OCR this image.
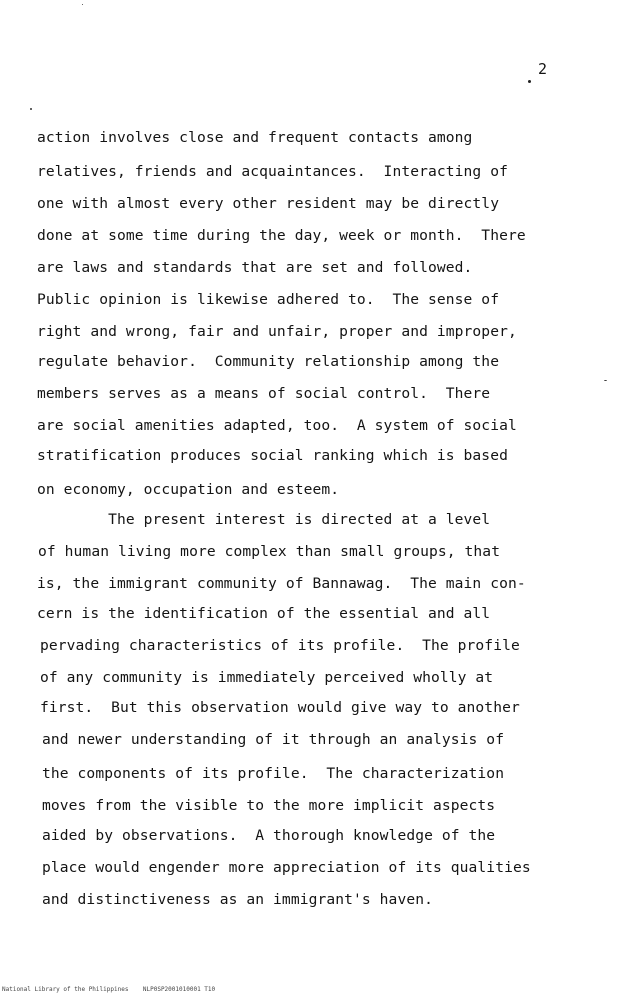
2
action involves close and frequent contacts among
relatives, friends and acquaintances.  Interacting of
one with almost every other resident may be directly
done at some time during the day, week or month.  There
are laws and standards that are set and followed.
Public opinion is likewise adhered to.  The sense of
right and wrong, fair and unfair, proper and improper,
regulate behavior.  Community relationship among the
members serves as a means of social control.  There
are social amenities adapted, too.  A system of social
stratification produces social ranking which is based
on economy, occupation and esteem.
The present interest is directed at a level
of human living more complex than small groups, that
is, the immigrant community of Bannawag.  The main con-
cern is the identification of the essential and all
pervading characteristics of its profile.  The profile
of any community is immediately perceived wholly at
first.  But this observation would give way to another
and newer understanding of it through an analysis of
the components of its profile.  The characterization
moves from the visible to the more implicit aspects
aided by observations.  A thorough knowledge of the
place would engender more appreciation of its qualities
and distinctiveness as an immigrant's haven.
National Library of the Philippines    NLP0SP2001010001 T10
